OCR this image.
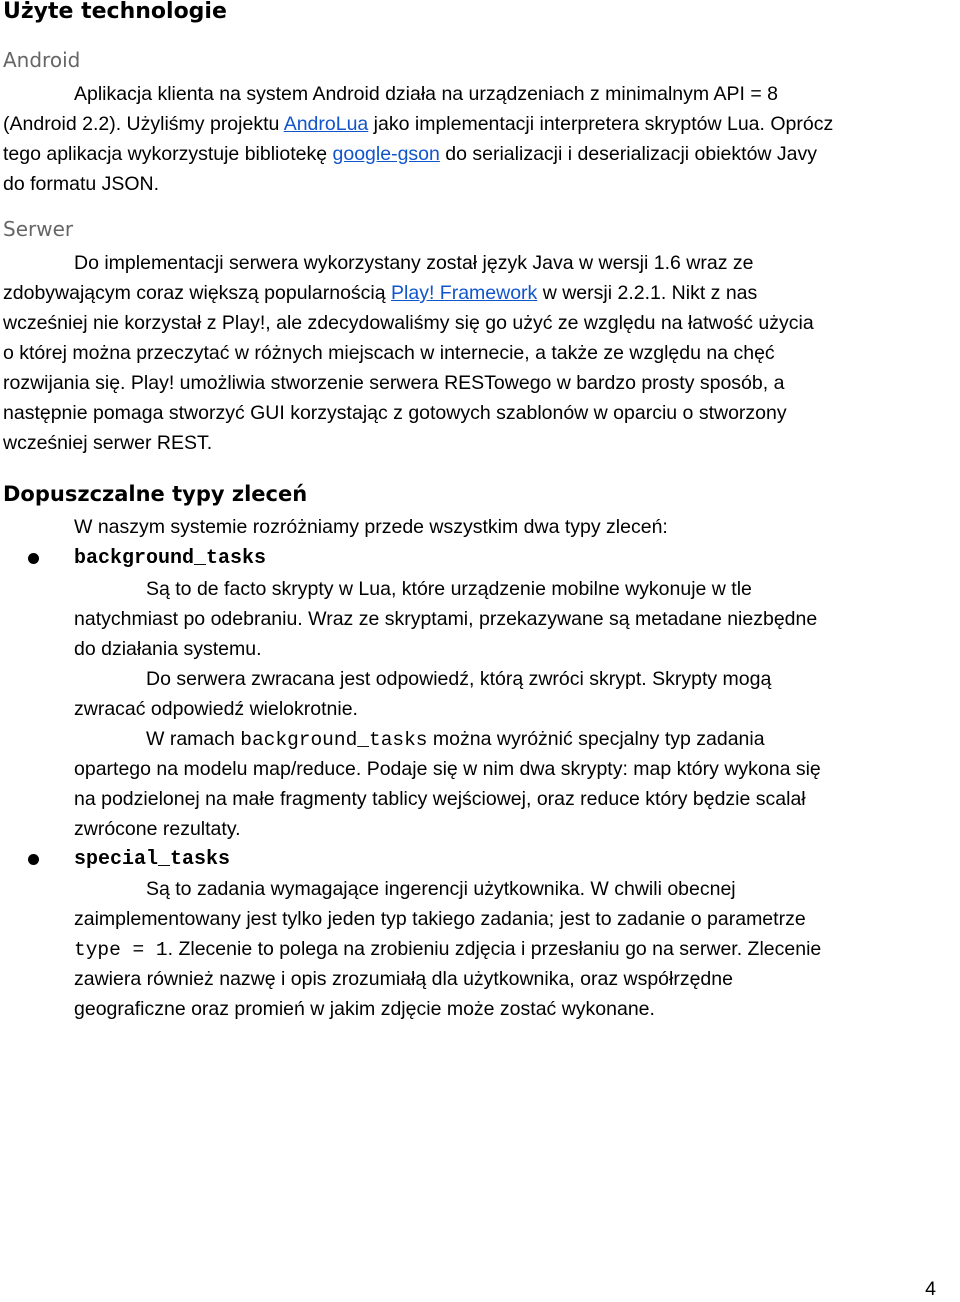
Użyte technologie
Android
Aplikacja klienta na system Android działa na urządzeniach z minimalnym API = 8
(Android 2.2). Użyliśmy projektu AndroLua jako implementacji interpretera skryptów Lua. Oprócz
tego aplikacja wykorzystuje bibliotekę google-gson do serializacji i deserializacji obiektów Javy
do formatu JSON.
Serwer
Do implementacji serwera wykorzystany został język Java w wersji 1.6 wraz ze
zdobywającym coraz większą popularnością Play! Framework w wersji 2.2.1. Nikt z nas
wcześniej nie korzystał z Play!, ale zdecydowaliśmy się go użyć ze względu na łatwość użycia
o której można przeczytać w różnych miejscach w internecie, a także ze względu na chęć
rozwijania się. Play! umożliwia stworzenie serwera RESTowego w bardzo prosty sposób, a
następnie pomaga stworzyć GUI korzystając z gotowych szablonów w oparciu o stworzony
wcześniej serwer REST.
Dopuszczalne typy zleceń
W naszym systemie rozróżniamy przede wszystkim dwa typy zleceń:
background_tasks
Są to de facto skrypty w Lua, które urządzenie mobilne wykonuje w tle
natychmiast po odebraniu. Wraz ze skryptami, przekazywane są metadane niezbędne
do działania systemu.
Do serwera zwracana jest odpowiedź, którą zwróci skrypt. Skrypty mogą
zwracać odpowiedź wielokrotnie.
W ramach background_tasks można wyróżnić specjalny typ zadania
opartego na modelu map/reduce. Podaje się w nim dwa skrypty: map który wykona się
na podzielonej na małe fragmenty tablicy wejściowej, oraz reduce który będzie scalał
zwrócone rezultaty.
special_tasks
Są to zadania wymagające ingerencji użytkownika. W chwili obecnej
zaimplementowany jest tylko jeden typ takiego zadania; jest to zadanie o parametrze
type = 1. Zlecenie to polega na zrobieniu zdjęcia i przesłaniu go na serwer. Zlecenie
zawiera również nazwę i opis zrozumiałą dla użytkownika, oraz współrzędne
geograficzne oraz promień w jakim zdjęcie może zostać wykonane.
4
